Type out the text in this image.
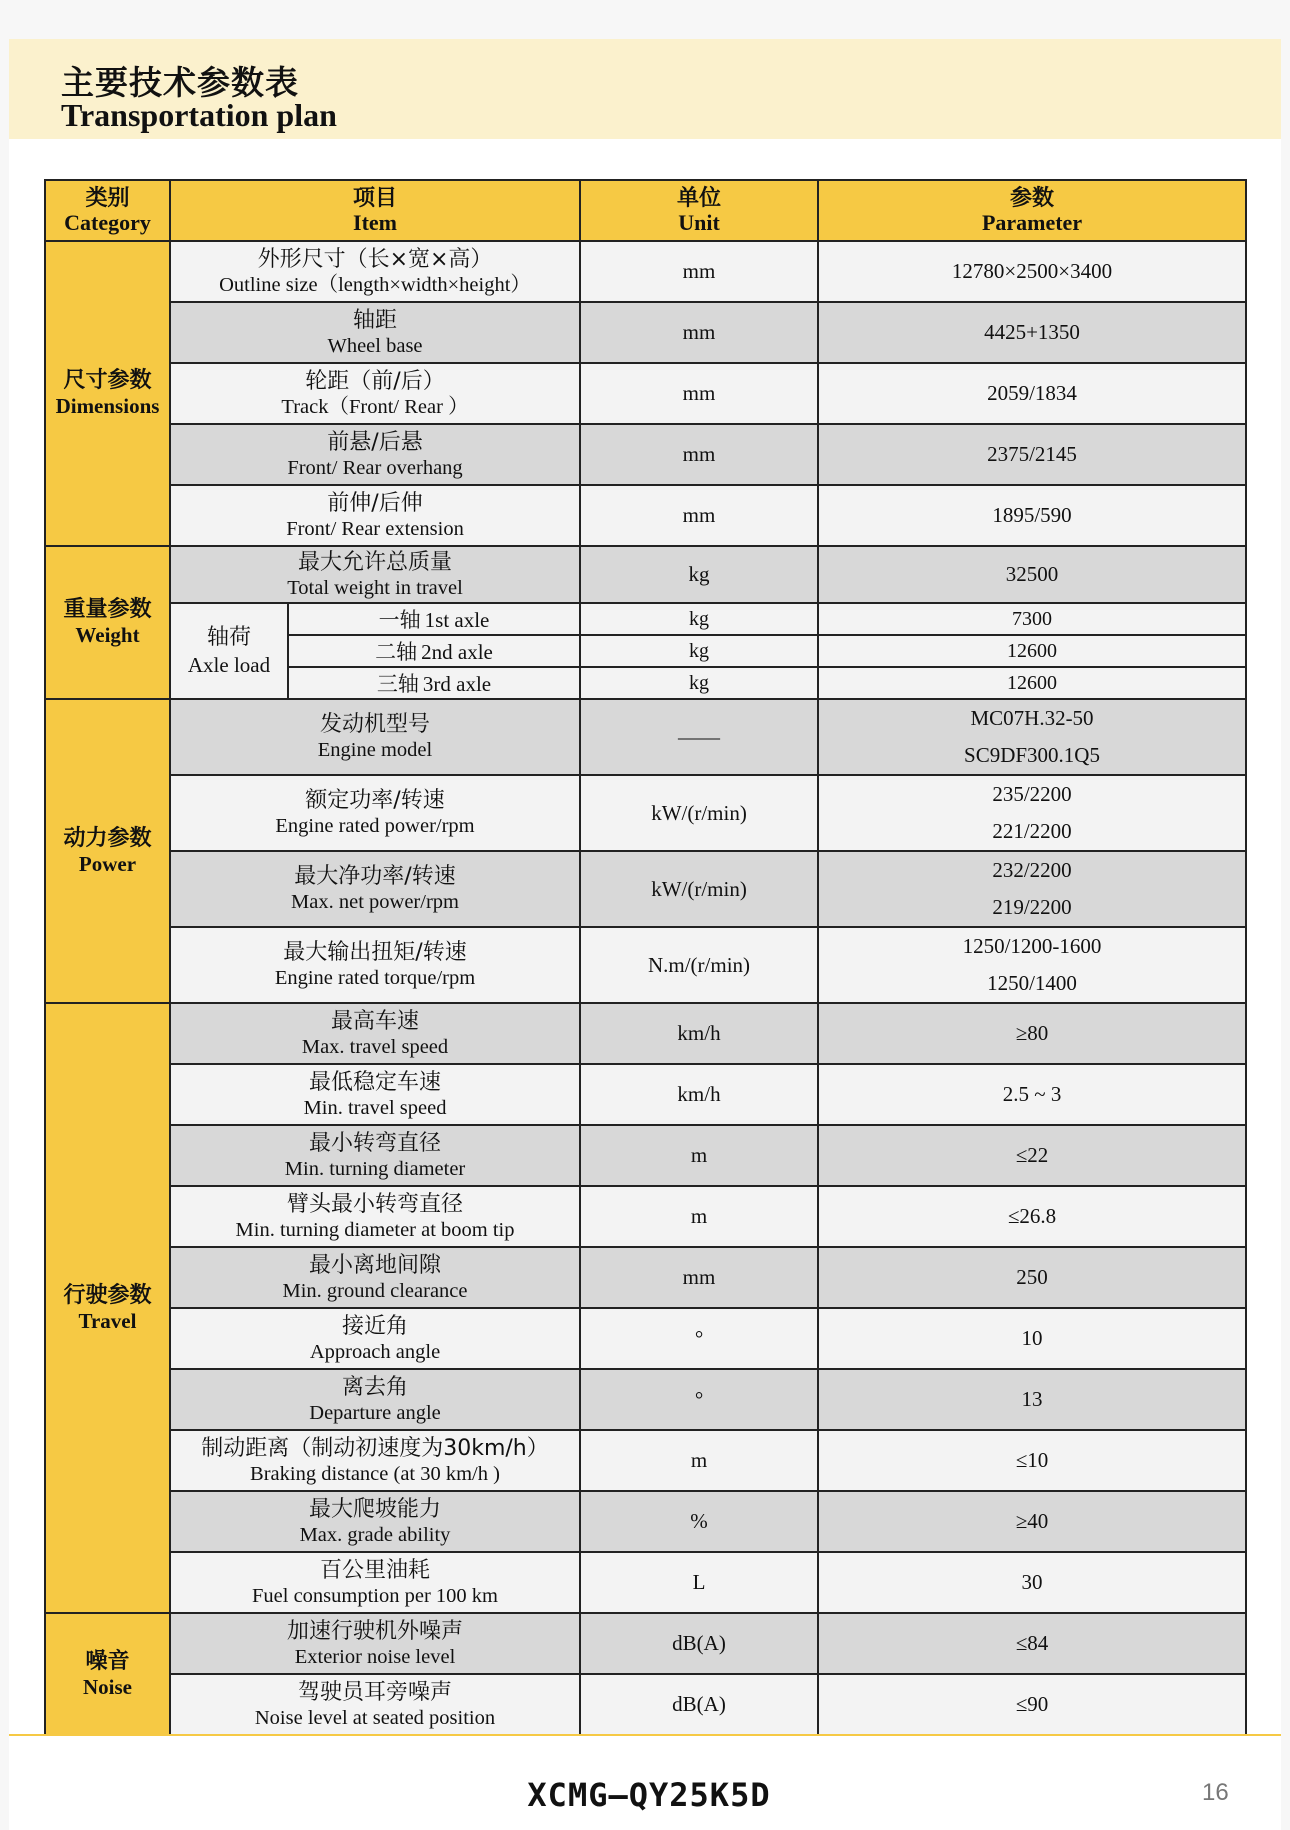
主要技术参数表
Transportation plan
类别
Category	项目
Item		单位
Unit	参数
Parameter

尺寸参数
Dimensions	外形尺寸（长×宽×高）
Outline size（length×width×height）		mm	12780×2500×3400

	轴距
Wheel base		mm	4425+1350

	轮距（前/后）
Track（Front/ Rear ）		mm	2059/1834

	前悬/后悬
Front/ Rear overhang		mm	2375/2145

	前伸/后伸
Front/ Rear extension		mm	1895/590

重量参数
Weight	最大允许总质量
Total weight in travel		kg	32500

	轴荷
Axle load	一轴 1st axle	kg	7300
		二轴 2nd axle	kg	12600
		三轴 3rd axle	kg	12600

动力参数
Power	发动机型号
Engine model		——	MC07H.32-50
SC9DF300.1Q5

	额定功率/转速
Engine rated power/rpm		kW/(r/min)	235/2200
221/2200

	最大净功率/转速
Max. net power/rpm		kW/(r/min)	232/2200
219/2200

	最大输出扭矩/转速
Engine rated torque/rpm		N.m/(r/min)	1250/1200-1600
1250/1400

行驶参数
Travel	最高车速
Max. travel speed		km/h	≥80

	最低稳定车速
Min. travel speed		km/h	2.5 ~ 3

	最小转弯直径
Min. turning diameter		m	≤22

	臂头最小转弯直径
Min. turning diameter at boom tip		m	≤26.8

	最小离地间隙
Min. ground clearance		mm	250

	接近角
Approach angle		°	10

	离去角
Departure angle		°	13

	制动距离（制动初速度为30km/h）
Braking distance (at 30 km/h )		m	≤10

	最大爬坡能力
Max. grade ability		%	≥40

	百公里油耗
Fuel consumption per 100 km		L	30

噪音
Noise	加速行驶机外噪声
Exterior noise level		dB(A)	≤84

	驾驶员耳旁噪声
Noise level at seated position		dB(A)	≤90
XCMG—QY25K5D	16
